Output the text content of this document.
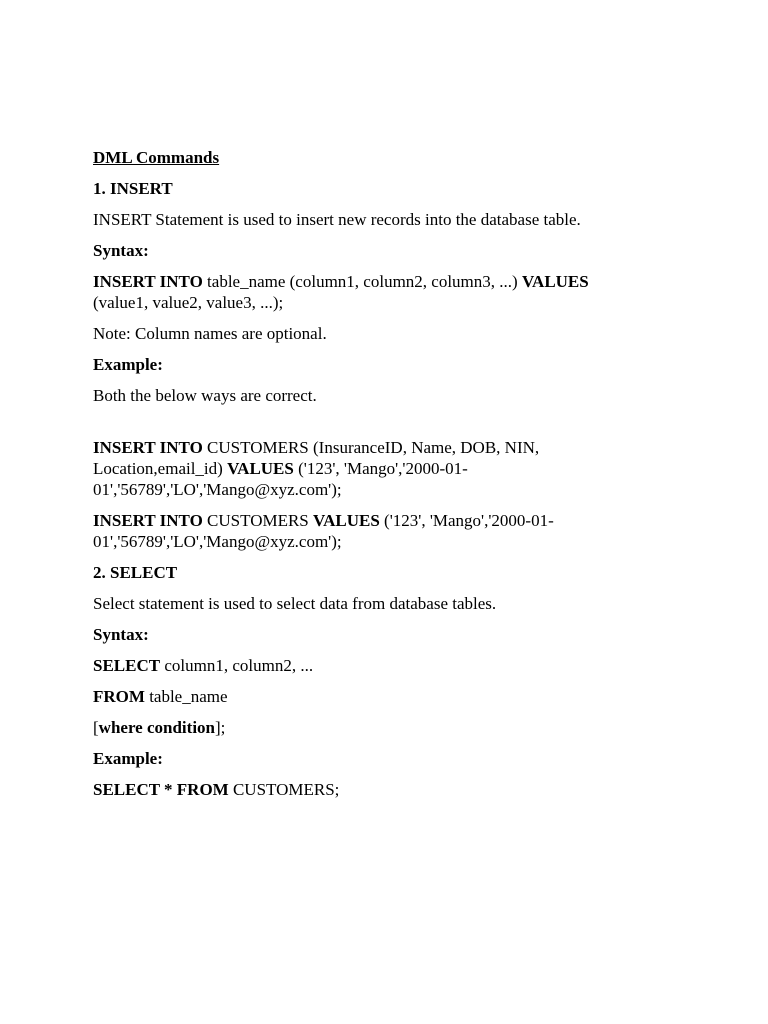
DML Commands

1. INSERT

INSERT Statement is used to insert new records into the database table.

Syntax:

INSERT INTO table_name (column1, column2, column3, ...) VALUES (value1, value2, value3, ...);

Note: Column names are optional.

Example:

Both the below ways are correct.

INSERT INTO CUSTOMERS (InsuranceID, Name, DOB, NIN, Location,email_id) VALUES ('123', 'Mango','2000-01-01','56789','LO','Mango@xyz.com');

INSERT INTO CUSTOMERS VALUES ('123', 'Mango','2000-01-01','56789','LO','Mango@xyz.com');

2. SELECT

Select statement is used to select data from database tables.

Syntax:

SELECT column1, column2, ...

FROM table_name

[where condition];

Example:

SELECT * FROM CUSTOMERS;
